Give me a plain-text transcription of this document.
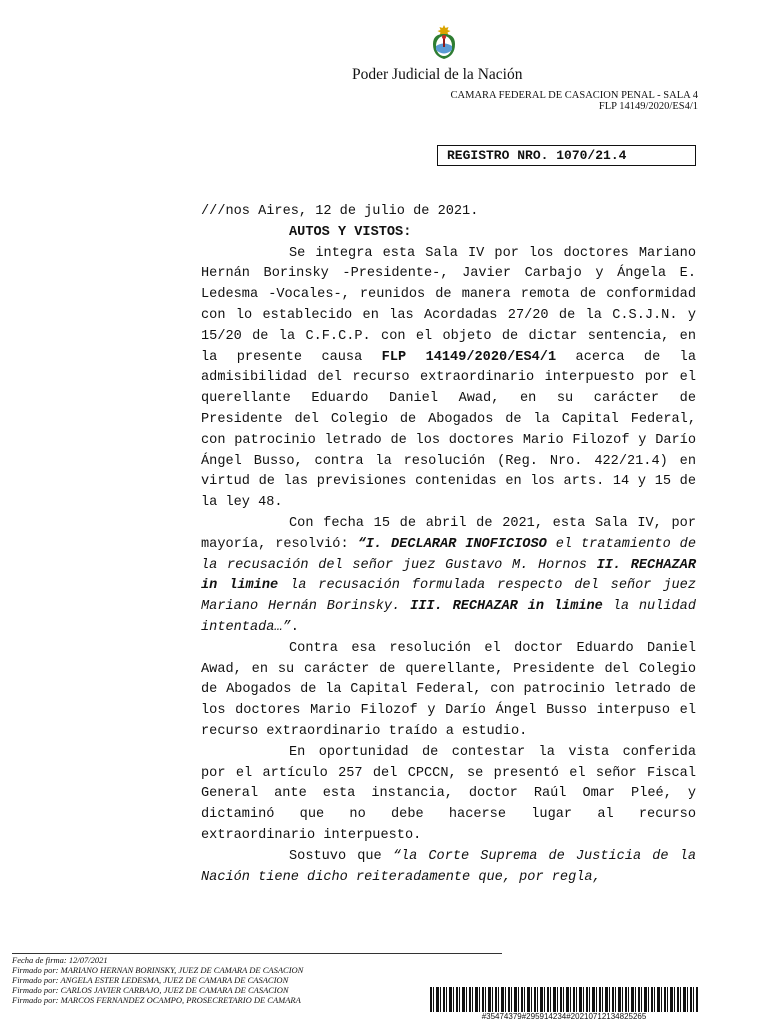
Poder Judicial de la Nación
CAMARA FEDERAL DE CASACION PENAL - SALA 4
FLP 14149/2020/ES4/1
REGISTRO NRO. 1070/21.4

///nos Aires, 12 de julio de 2021.

AUTOS Y VISTOS:

Se integra esta Sala IV por los doctores Mariano Hernán Borinsky -Presidente-, Javier Carbajo y Ángela E. Ledesma -Vocales-, reunidos de manera remota de conformidad con lo establecido en las Acordadas 27/20 de la C.S.J.N. y 15/20 de la C.F.C.P. con el objeto de dictar sentencia, en la presente causa FLP 14149/2020/ES4/1 acerca de la admisibilidad del recurso extraordinario interpuesto por el querellante Eduardo Daniel Awad, en su carácter de Presidente del Colegio de Abogados de la Capital Federal, con patrocinio letrado de los doctores Mario Filozof y Darío Ángel Busso, contra la resolución (Reg. Nro. 422/21.4) en virtud de las previsiones contenidas en los arts. 14 y 15 de la ley 48.

Con fecha 15 de abril de 2021, esta Sala IV, por mayoría, resolvió: “I. DECLARAR INOFICIOSO el tratamiento de la recusación del señor juez Gustavo M. Hornos II. RECHAZAR in limine la recusación formulada respecto del señor juez Mariano Hernán Borinsky. III. RECHAZAR in limine la nulidad intentada…”.

Contra esa resolución el doctor Eduardo Daniel Awad, en su carácter de querellante, Presidente del Colegio de Abogados de la Capital Federal, con patrocinio letrado de los doctores Mario Filozof y Darío Ángel Busso interpuso el recurso extraordinario traído a estudio.

En oportunidad de contestar la vista conferida por el artículo 257 del CPCCN, se presentó el señor Fiscal General ante esta instancia, doctor Raúl Omar Pleé, y dictaminó que no debe hacerse lugar al recurso extraordinario interpuesto.

Sostuvo que “la Corte Suprema de Justicia de la Nación tiene dicho reiteradamente que, por regla,

Fecha de firma: 12/07/2021
Firmado por: MARIANO HERNAN BORINSKY, JUEZ DE CAMARA DE CASACION
Firmado por: ANGELA ESTER LEDESMA, JUEZ DE CAMARA DE CASACION
Firmado por: CARLOS JAVIER CARBAJO, JUEZ DE CAMARA DE CASACION
Firmado por: MARCOS FERNANDEZ OCAMPO, PROSECRETARIO DE CAMARA
#35474379#295914234#20210712134825265
